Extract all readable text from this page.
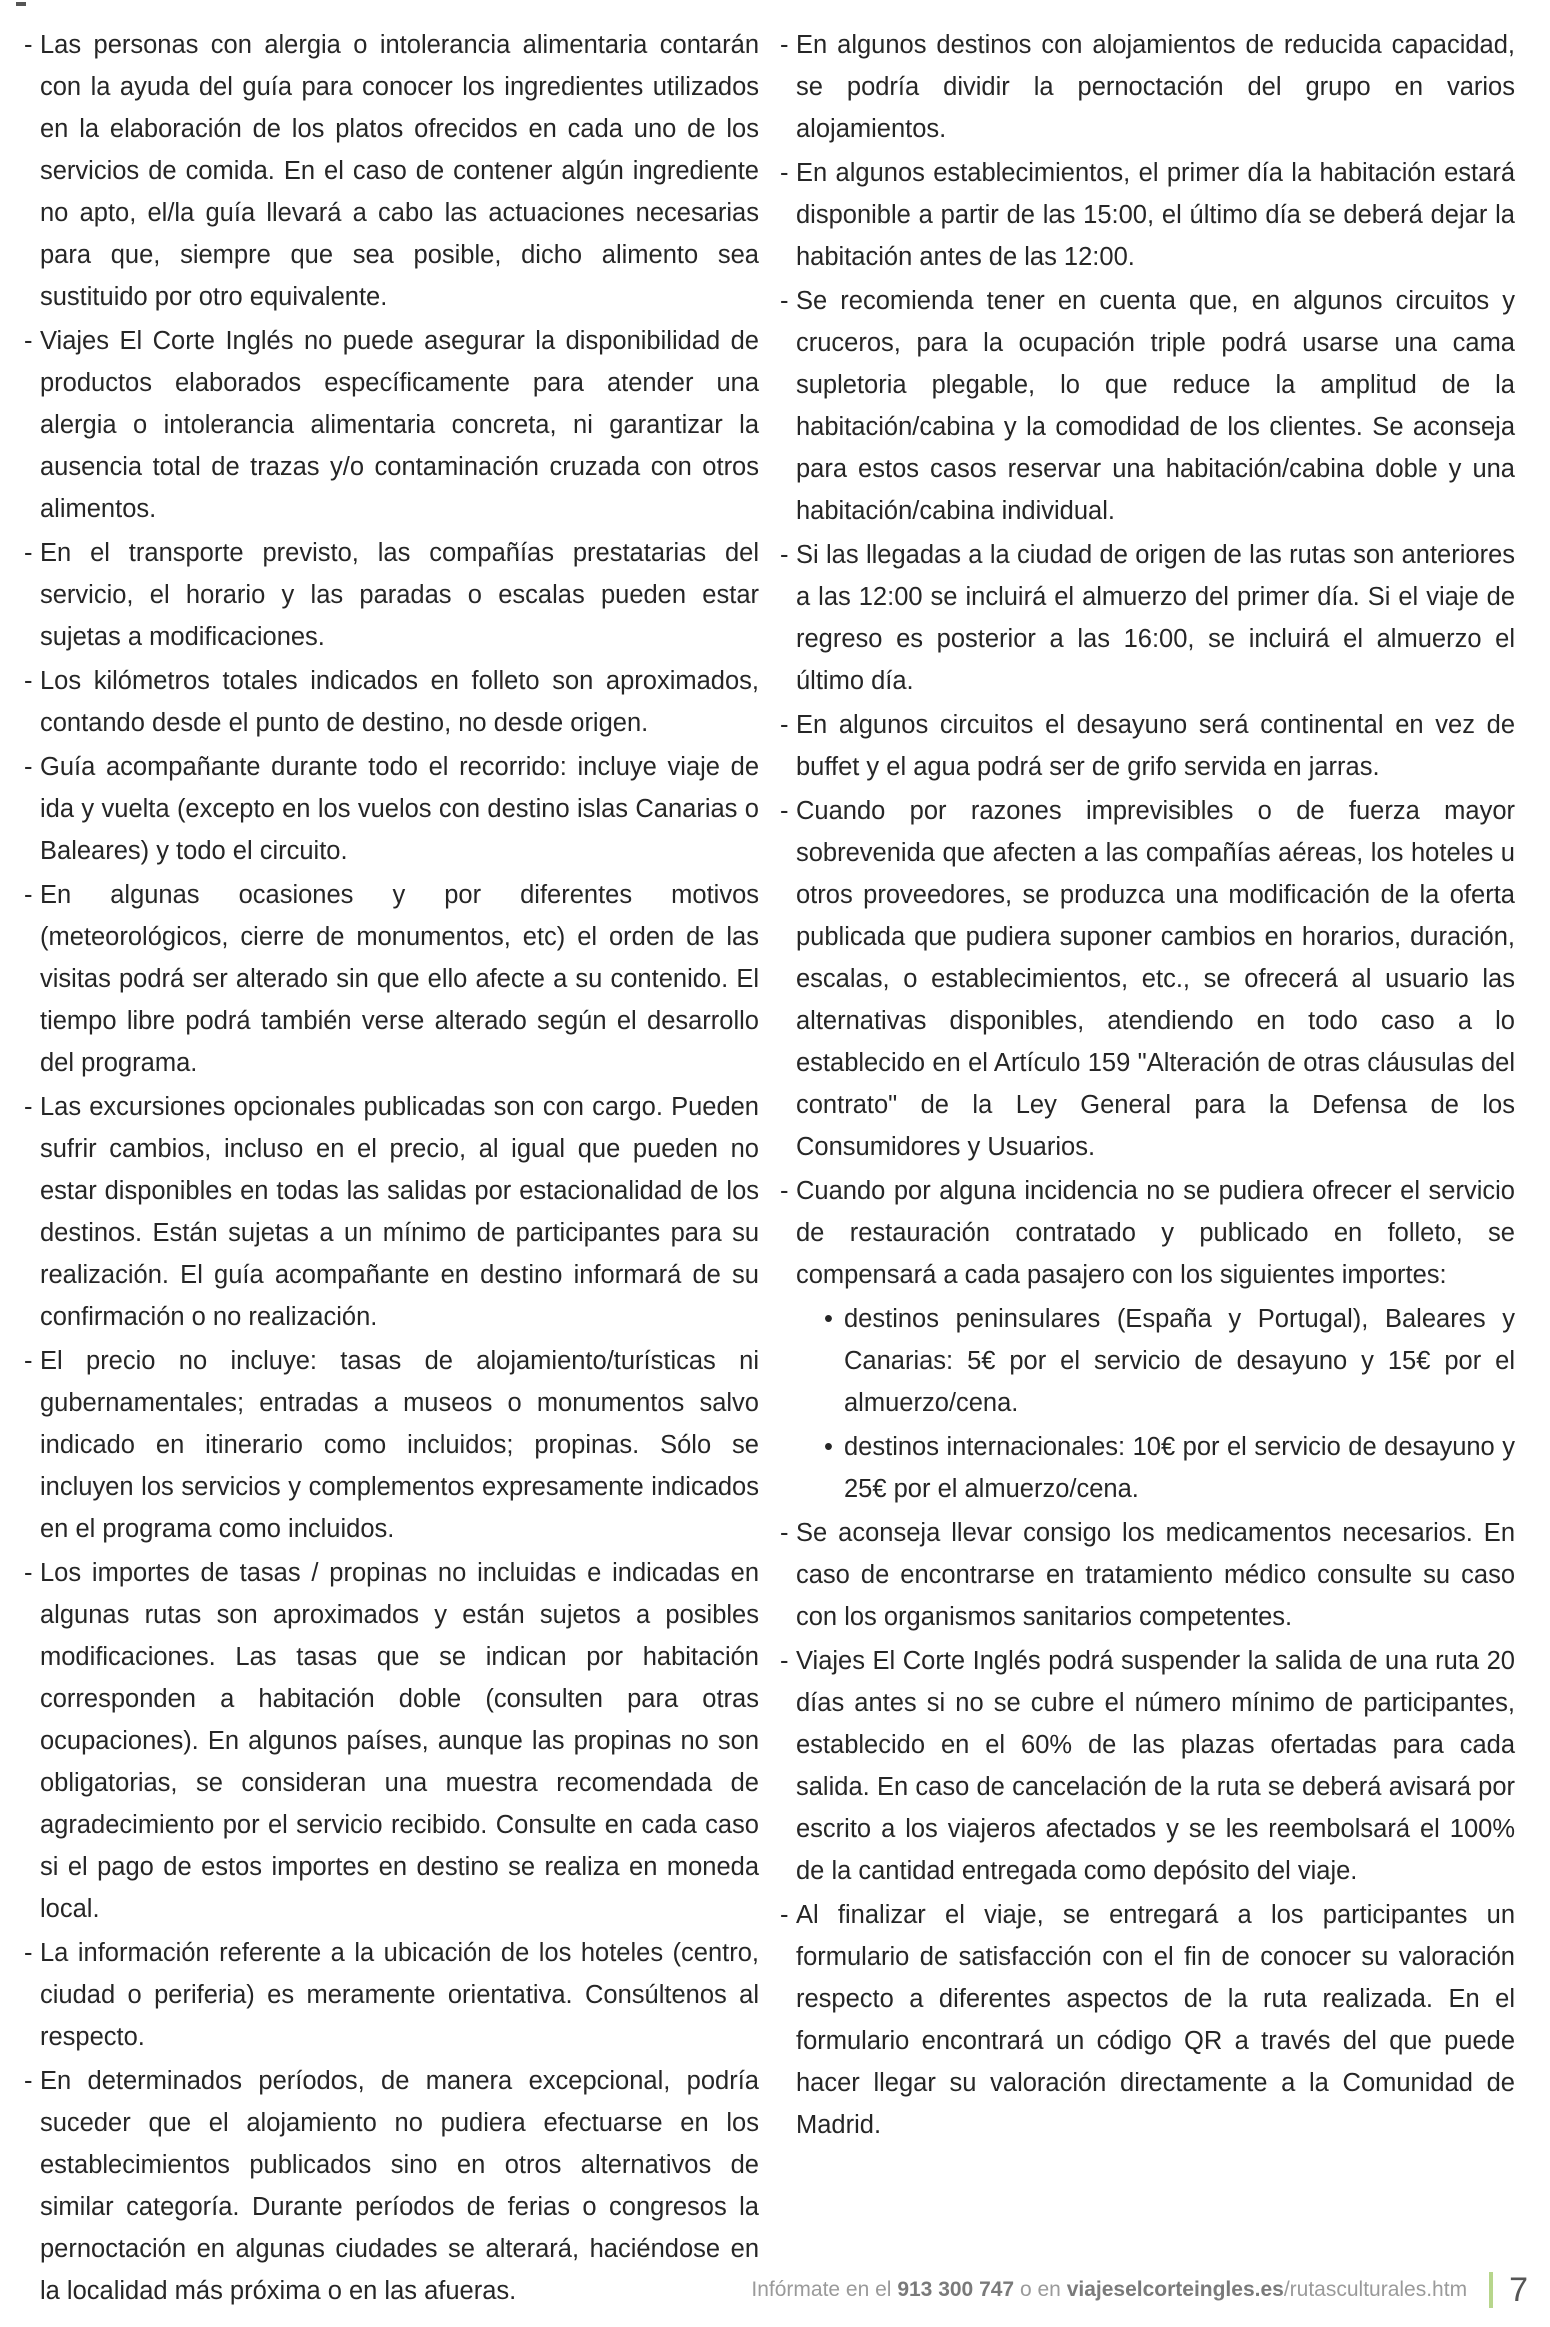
- Las personas con alergia o intolerancia alimentaria contarán con la ayuda del guía para conocer los ingredientes utilizados en la elaboración de los platos ofrecidos en cada uno de los servicios de comida. En el caso de contener algún ingrediente no apto, el/la guía llevará a cabo las actuaciones necesarias para que, siempre que sea posible, dicho alimento sea sustituido por otro equivalente.

- Viajes El Corte Inglés no puede asegurar la disponibilidad de productos elaborados específicamente para atender una alergia o intolerancia alimentaria concreta, ni garantizar la ausencia total de trazas y/o contaminación cruzada con otros alimentos.

- En el transporte previsto, las compañías prestatarias del servicio, el horario y las paradas o escalas pueden estar sujetas a modificaciones.

- Los kilómetros totales indicados en folleto son aproximados, contando desde el punto de destino, no desde origen.

- Guía acompañante durante todo el recorrido: incluye viaje de ida y vuelta (excepto en los vuelos con destino islas Canarias o Baleares) y todo el circuito.

- En algunas ocasiones y por diferentes motivos (meteorológicos, cierre de monumentos, etc) el orden de las visitas podrá ser alterado sin que ello afecte a su contenido. El tiempo libre podrá también verse alterado según el desarrollo del programa.

- Las excursiones opcionales publicadas son con cargo. Pueden sufrir cambios, incluso en el precio, al igual que pueden no estar disponibles en todas las salidas por estacionalidad de los destinos. Están sujetas a un mínimo de participantes para su realización. El guía acompañante en destino informará de su confirmación o no realización.

- El precio no incluye: tasas de alojamiento/turísticas ni gubernamentales; entradas a museos o monumentos salvo indicado en itinerario como incluidos; propinas. Sólo se incluyen los servicios y complementos expresamente indicados en el programa como incluidos.

- Los importes de tasas / propinas no incluidas e indicadas en algunas rutas son aproximados y están sujetos a posibles modificaciones. Las tasas que se indican por habitación corresponden a habitación doble (consulten para otras ocupaciones). En algunos países, aunque las propinas no son obligatorias, se consideran una muestra recomendada de agradecimiento por el servicio recibido. Consulte en cada caso si el pago de estos importes en destino se realiza en moneda local.

- La información referente a la ubicación de los hoteles (centro, ciudad o periferia) es meramente orientativa. Consúltenos al respecto.

- En determinados períodos, de manera excepcional, podría suceder que el alojamiento no pudiera efectuarse en los establecimientos publicados sino en otros alternativos de similar categoría. Durante períodos de ferias o congresos la pernoctación en algunas ciudades se alterará, haciéndose en la localidad más próxima o en las afueras.

- En algunos destinos con alojamientos de reducida capacidad, se podría dividir la pernoctación del grupo en varios alojamientos.

- En algunos establecimientos, el primer día la habitación estará disponible a partir de las 15:00, el último día se deberá dejar la habitación antes de las 12:00.

- Se recomienda tener en cuenta que, en algunos circuitos y cruceros, para la ocupación triple podrá usarse una cama supletoria plegable, lo que reduce la amplitud de la habitación/cabina y la comodidad de los clientes. Se aconseja para estos casos reservar una habitación/cabina doble y una habitación/cabina individual.

- Si las llegadas a la ciudad de origen de las rutas son anteriores a las 12:00 se incluirá el almuerzo del primer día. Si el viaje de regreso es posterior a las 16:00, se incluirá el almuerzo el último día.

- En algunos circuitos el desayuno será continental en vez de buffet y el agua podrá ser de grifo servida en jarras.

- Cuando por razones imprevisibles o de fuerza mayor sobrevenida que afecten a las compañías aéreas, los hoteles u otros proveedores, se produzca una modificación de la oferta publicada que pudiera suponer cambios en horarios, duración, escalas, o establecimientos, etc., se ofrecerá al usuario las alternativas disponibles, atendiendo en todo caso a lo establecido en el Artículo 159 "Alteración de otras cláusulas del contrato" de la Ley General para la Defensa de los Consumidores y Usuarios.

- Cuando por alguna incidencia no se pudiera ofrecer el servicio de restauración contratado y publicado en folleto, se compensará a cada pasajero con los siguientes importes:

• destinos peninsulares (España y Portugal), Baleares y Canarias: 5€ por el servicio de desayuno y 15€ por el almuerzo/cena.

• destinos internacionales: 10€ por el servicio de desayuno y 25€ por el almuerzo/cena.

- Se aconseja llevar consigo los medicamentos necesarios. En caso de encontrarse en tratamiento médico consulte su caso con los organismos sanitarios competentes.

- Viajes El Corte Inglés podrá suspender la salida de una ruta 20 días antes si no se cubre el número mínimo de participantes, establecido en el 60% de las plazas ofertadas para cada salida. En caso de cancelación de la ruta se deberá avisará por escrito a los viajeros afectados y se les reembolsará el 100% de la cantidad entregada como depósito del viaje.

- Al finalizar el viaje, se entregará a los participantes un formulario de satisfacción con el fin de conocer su valoración respecto a diferentes aspectos de la ruta realizada. En el formulario encontrará un código QR a través del que puede hacer llegar su valoración directamente a la Comunidad de Madrid.

Infórmate en el
913 300 747
o en
viajeselcorteingles.es /rutasculturales.htm 7
